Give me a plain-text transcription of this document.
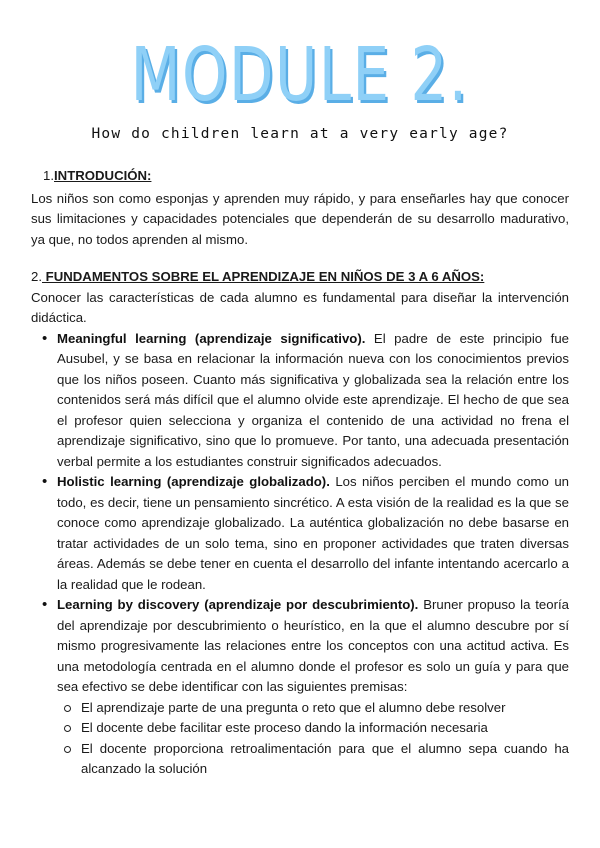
MODULE 2.
How do children learn at a very early age?
1.INTRODUCIÓN:

Los niños son como esponjas y aprenden muy rápido, y para enseñarles hay que conocer sus limitaciones y capacidades potenciales que dependerán de su desarrollo madurativo, ya que, no todos aprenden al mismo.

2. FUNDAMENTOS SOBRE EL APRENDIZAJE EN NIÑOS DE 3 A 6 AÑOS:

Conocer las características de cada alumno es fundamental para diseñar la intervención didáctica.

• Meaningful learning (aprendizaje significativo). El padre de este principio fue Ausubel, y se basa en relacionar la información nueva con los conocimientos previos que los niños poseen. Cuanto más significativa y globalizada sea la relación entre los contenidos será más difícil que el alumno olvide este aprendizaje. El hecho de que sea el profesor quien selecciona y organiza el contenido de una actividad no frena el aprendizaje significativo, sino que lo promueve. Por tanto, una adecuada presentación verbal permite a los estudiantes construir significados adecuados.
• Holistic learning (aprendizaje globalizado). Los niños perciben el mundo como un todo, es decir, tiene un pensamiento sincrético. A esta visión de la realidad es la que se conoce como aprendizaje globalizado. La auténtica globalización no debe basarse en tratar actividades de un solo tema, sino en proponer actividades que traten diversas áreas. Además se debe tener en cuenta el desarrollo del infante intentando acercarlo a la realidad que le rodean.
• Learning by discovery (aprendizaje por descubrimiento). Bruner propuso la teoría del aprendizaje por descubrimiento o heurístico, en la que el alumno descubre por sí mismo progresivamente las relaciones entre los conceptos con una actitud activa. Es una metodología centrada en el alumno donde el profesor es solo un guía y para que sea efectivo se debe identificar con las siguientes premisas:
El aprendizaje parte de una pregunta o reto que el alumno debe resolver
El docente debe facilitar este proceso dando la información necesaria
El docente proporciona retroalimentación para que el alumno sepa cuando ha alcanzado la solución
